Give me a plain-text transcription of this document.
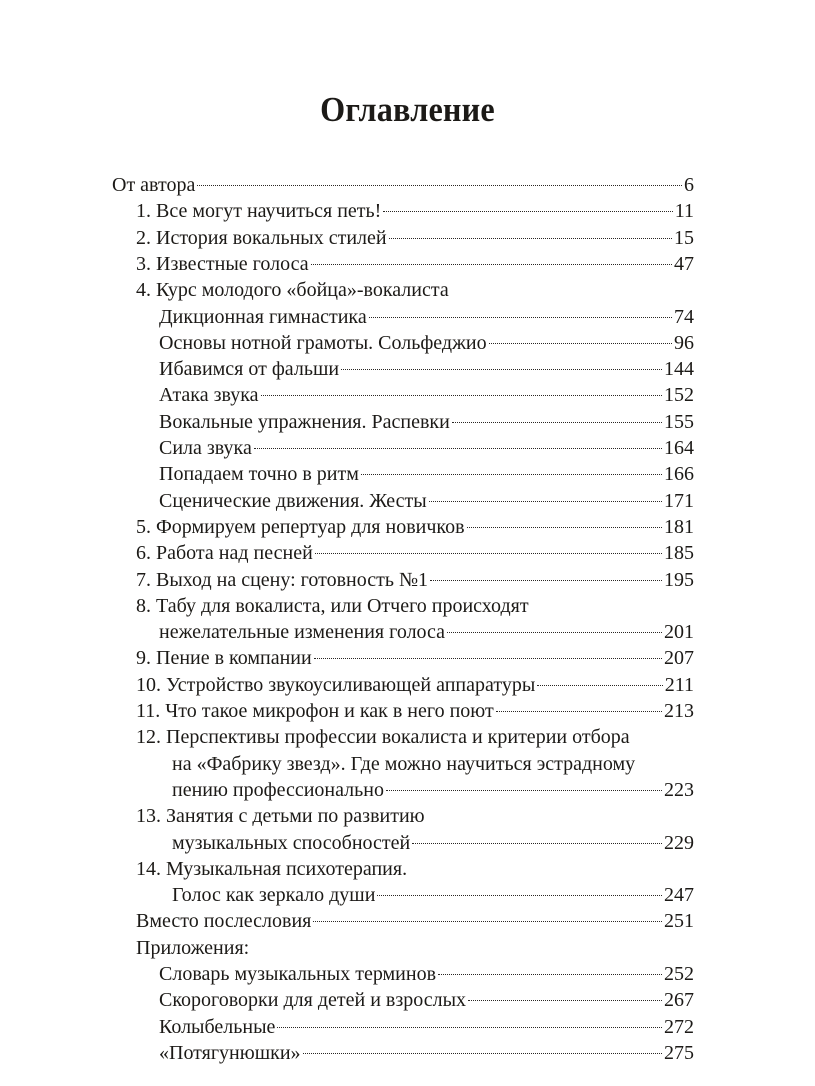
Оглавление
От автора	6
1. Все могут научиться петь!	11
2. История вокальных стилей	15
3. Известные голоса	47
4. Курс молодого «бойца»-вокалиста
Дикционная гимнастика	74
Основы нотной грамоты. Сольфеджио	96
Ибавимся от фальши	144
Атака звука	152
Вокальные упражнения. Распевки	155
Сила звука	164
Попадаем точно в ритм	166
Сценические движения. Жесты	171
5. Формируем репертуар для новичков	181
6. Работа над песней	185
7. Выход на сцену: готовность №1	195
8. Табу для вокалиста, или Отчего происходят
нежелательные изменения голоса	201
9. Пение в компании	207
10. Устройство звукоусиливающей аппаратуры	211
11. Что такое микрофон и как в него поют	213
12. Перспективы профессии вокалиста и критерии отбора
на «Фабрику звезд». Где можно научиться эстрадному
пению профессионально	223
13. Занятия с детьми по развитию
музыкальных способностей	229
14. Музыкальная психотерапия.
Голос как зеркало души	247
Вместо послесловия	251
Приложения:
Словарь музыкальных терминов	252
Скороговорки для детей и взрослых	267
Колыбельные	272
«Потягунюшки»	275
